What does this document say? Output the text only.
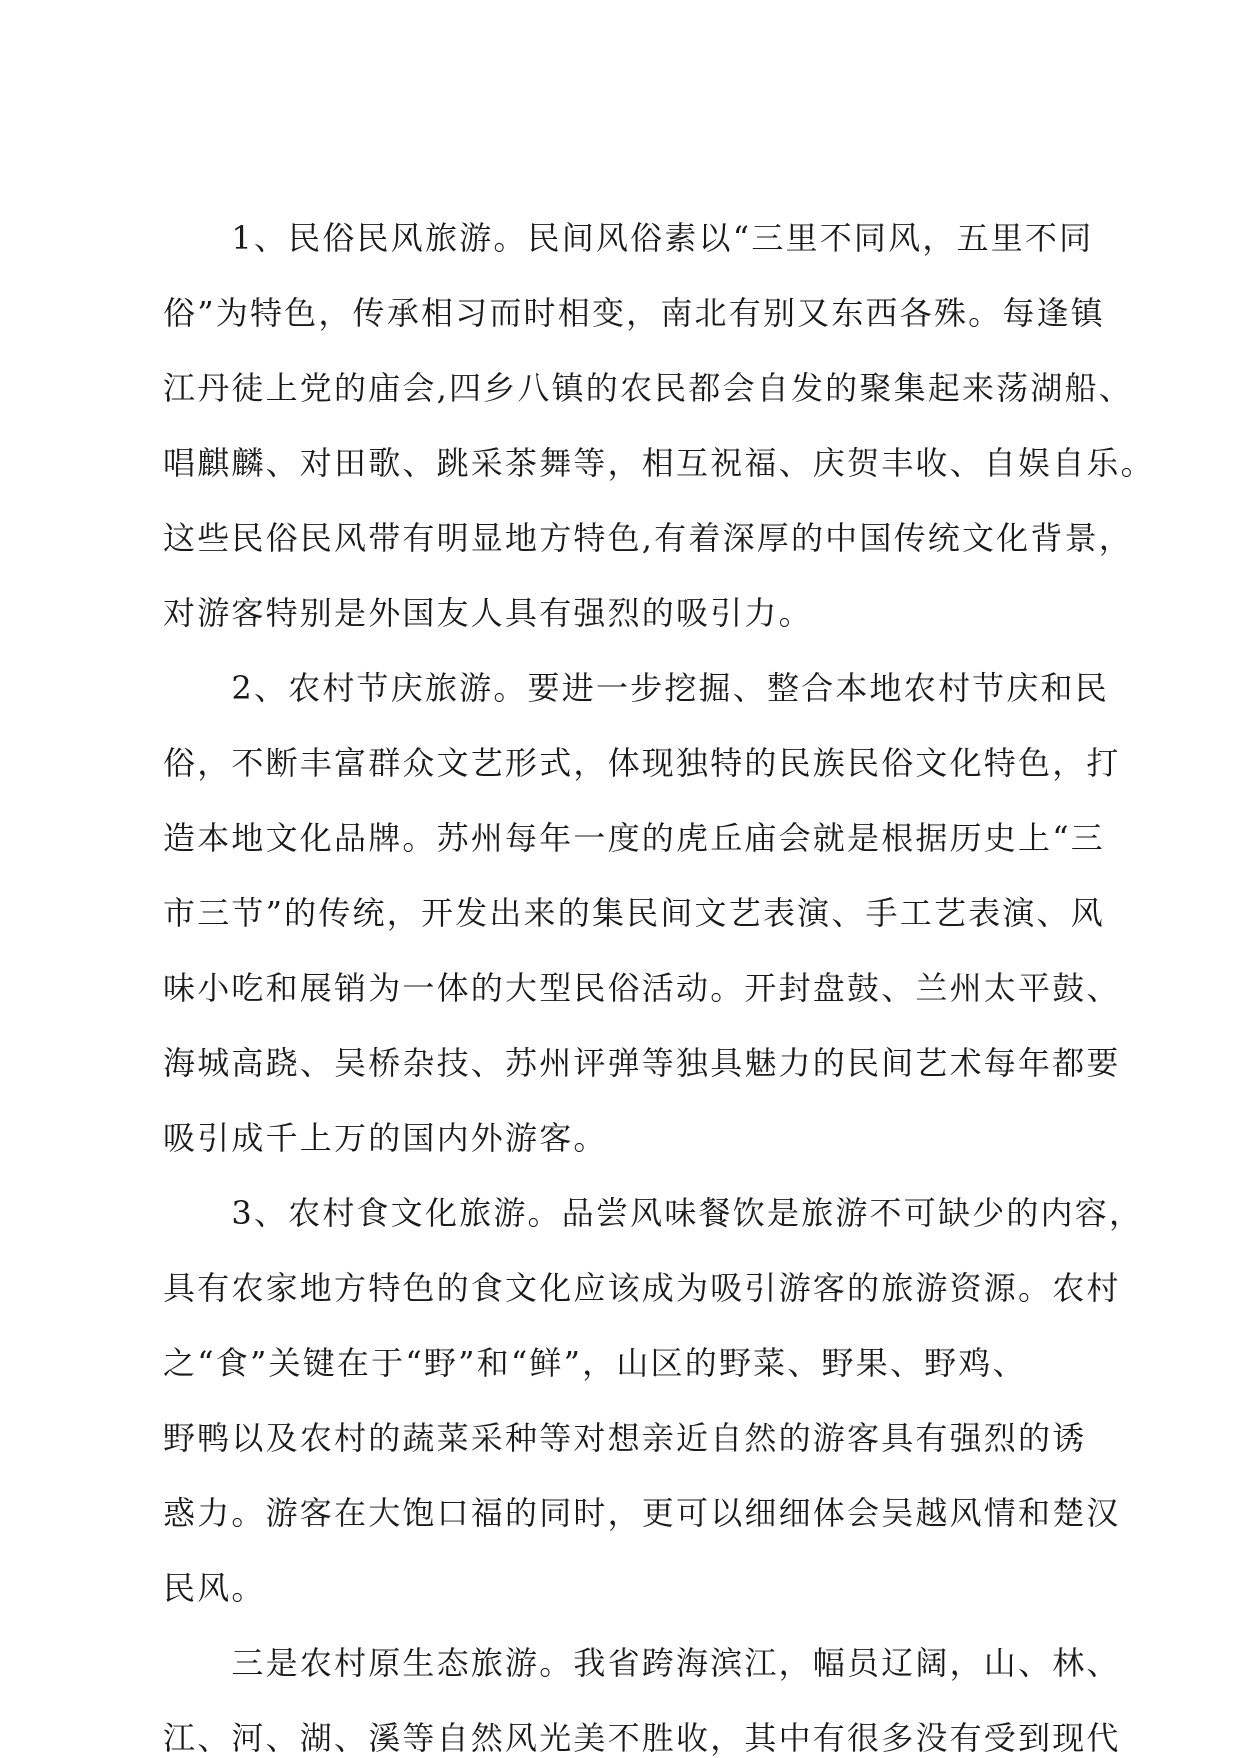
　　1、民俗民风旅游。民间风俗素以“三里不同风，五里不同
俗”为特色，传承相习而时相变，南北有别又东西各殊。每逢镇
江丹徒上党的庙会,四乡八镇的农民都会自发的聚集起来荡湖船、
唱麒麟、对田歌、跳采茶舞等，相互祝福、庆贺丰收、自娱自乐。
这些民俗民风带有明显地方特色,有着深厚的中国传统文化背景，
对游客特别是外国友人具有强烈的吸引力。
　　2、农村节庆旅游。要进一步挖掘、整合本地农村节庆和民
俗，不断丰富群众文艺形式，体现独特的民族民俗文化特色，打
造本地文化品牌。苏州每年一度的虎丘庙会就是根据历史上“三
市三节”的传统，开发出来的集民间文艺表演、手工艺表演、风
味小吃和展销为一体的大型民俗活动。开封盘鼓、兰州太平鼓、
海城高跷、吴桥杂技、苏州评弹等独具魅力的民间艺术每年都要
吸引成千上万的国内外游客。
　　3、农村食文化旅游。品尝风味餐饮是旅游不可缺少的内容，
具有农家地方特色的食文化应该成为吸引游客的旅游资源。农村
之“食”关键在于“野”和“鲜”，山区的野菜、野果、野鸡、
野鸭以及农村的蔬菜采种等对想亲近自然的游客具有强烈的诱
惑力。游客在大饱口福的同时，更可以细细体会吴越风情和楚汉
民风。
　　三是农村原生态旅游。我省跨海滨江，幅员辽阔，山、林、
江、河、湖、溪等自然风光美不胜收，其中有很多没有受到现代
